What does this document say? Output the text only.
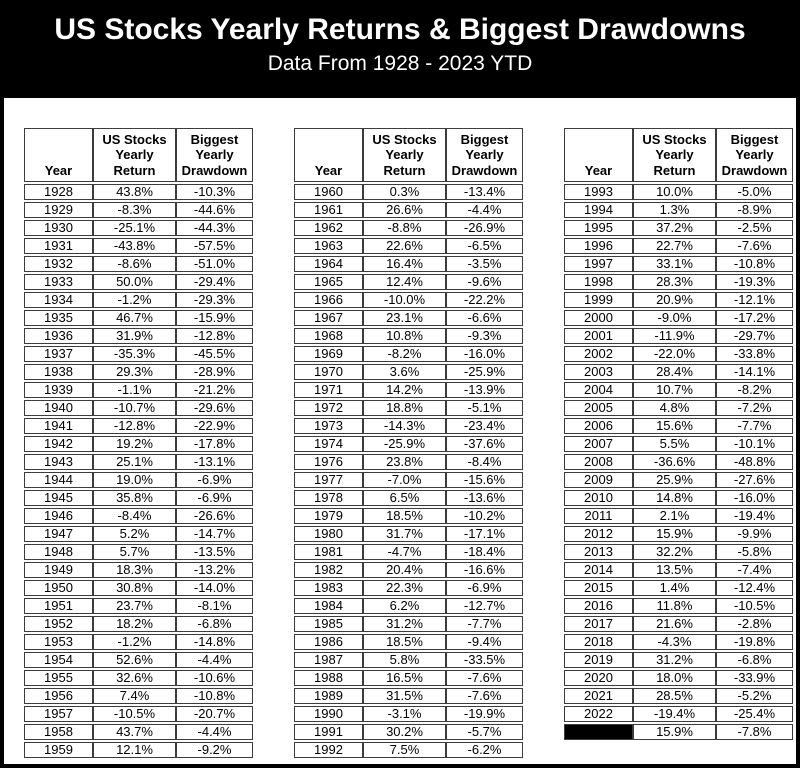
US Stocks Yearly Returns & Biggest Drawdowns
Data From 1928 - 2023 YTD
Year	US Stocks
Yearly
Return	Biggest
Yearly
Drawdown
1928	43.8%	-10.3%
1929	-8.3%	-44.6%
1930	-25.1%	-44.3%
1931	-43.8%	-57.5%
1932	-8.6%	-51.0%
1933	50.0%	-29.4%
1934	-1.2%	-29.3%
1935	46.7%	-15.9%
1936	31.9%	-12.8%
1937	-35.3%	-45.5%
1938	29.3%	-28.9%
1939	-1.1%	-21.2%
1940	-10.7%	-29.6%
1941	-12.8%	-22.9%
1942	19.2%	-17.8%
1943	25.1%	-13.1%
1944	19.0%	-6.9%
1945	35.8%	-6.9%
1946	-8.4%	-26.6%
1947	5.2%	-14.7%
1948	5.7%	-13.5%
1949	18.3%	-13.2%
1950	30.8%	-14.0%
1951	23.7%	-8.1%
1952	18.2%	-6.8%
1953	-1.2%	-14.8%
1954	52.6%	-4.4%
1955	32.6%	-10.6%
1956	7.4%	-10.8%
1957	-10.5%	-20.7%
1958	43.7%	-4.4%
1959	12.1%	-9.2%
Year	US Stocks
Yearly
Return	Biggest
Yearly
Drawdown
1960	0.3%	-13.4%
1961	26.6%	-4.4%
1962	-8.8%	-26.9%
1963	22.6%	-6.5%
1964	16.4%	-3.5%
1965	12.4%	-9.6%
1966	-10.0%	-22.2%
1967	23.1%	-6.6%
1968	10.8%	-9.3%
1969	-8.2%	-16.0%
1970	3.6%	-25.9%
1971	14.2%	-13.9%
1972	18.8%	-5.1%
1973	-14.3%	-23.4%
1974	-25.9%	-37.6%
1976	23.8%	-8.4%
1977	-7.0%	-15.6%
1978	6.5%	-13.6%
1979	18.5%	-10.2%
1980	31.7%	-17.1%
1981	-4.7%	-18.4%
1982	20.4%	-16.6%
1983	22.3%	-6.9%
1984	6.2%	-12.7%
1985	31.2%	-7.7%
1986	18.5%	-9.4%
1987	5.8%	-33.5%
1988	16.5%	-7.6%
1989	31.5%	-7.6%
1990	-3.1%	-19.9%
1991	30.2%	-5.7%
1992	7.5%	-6.2%
Year	US Stocks
Yearly
Return	Biggest
Yearly
Drawdown
1993	10.0%	-5.0%
1994	1.3%	-8.9%
1995	37.2%	-2.5%
1996	22.7%	-7.6%
1997	33.1%	-10.8%
1998	28.3%	-19.3%
1999	20.9%	-12.1%
2000	-9.0%	-17.2%
2001	-11.9%	-29.7%
2002	-22.0%	-33.8%
2003	28.4%	-14.1%
2004	10.7%	-8.2%
2005	4.8%	-7.2%
2006	15.6%	-7.7%
2007	5.5%	-10.1%
2008	-36.6%	-48.8%
2009	25.9%	-27.6%
2010	14.8%	-16.0%
2011	2.1%	-19.4%
2012	15.9%	-9.9%
2013	32.2%	-5.8%
2014	13.5%	-7.4%
2015	1.4%	-12.4%
2016	11.8%	-10.5%
2017	21.6%	-2.8%
2018	-4.3%	-19.8%
2019	31.2%	-6.8%
2020	18.0%	-33.9%
2021	28.5%	-5.2%
2022	-19.4%	-25.4%
2023	15.9%	-7.8%
